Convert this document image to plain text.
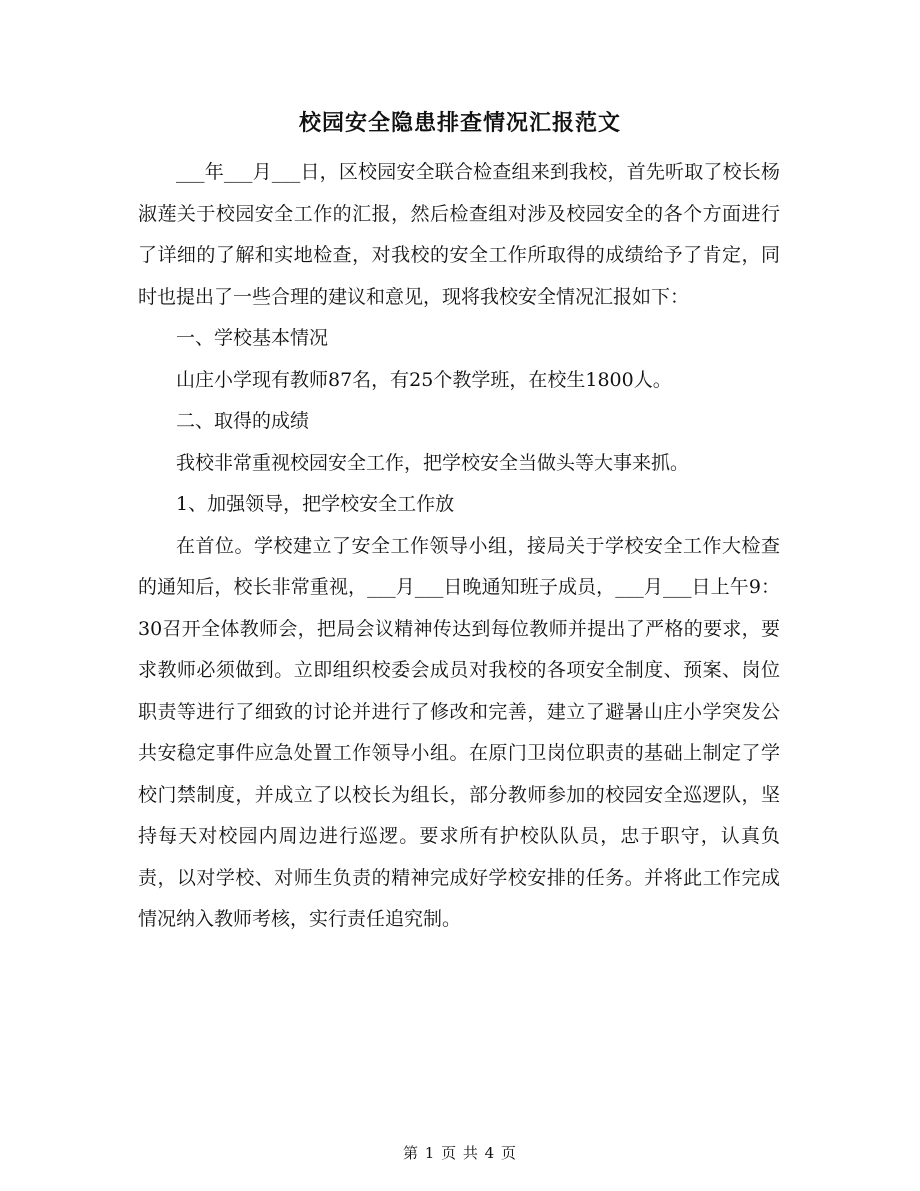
校园安全隐患排查情况汇报范文

___年___月___日，区校园安全联合检查组来到我校，首先听取了校长杨淑莲关于校园安全工作的汇报，然后检查组对涉及校园安全的各个方面进行了详细的了解和实地检查，对我校的安全工作所取得的成绩给予了肯定，同时也提出了一些合理的建议和意见，现将我校安全情况汇报如下：

一、学校基本情况

山庄小学现有教师87名，有25个教学班，在校生1800人。

二、取得的成绩

我校非常重视校园安全工作，把学校安全当做头等大事来抓。

1、加强领导，把学校安全工作放

在首位。学校建立了安全工作领导小组，接局关于学校安全工作大检查的通知后，校长非常重视，___月___日晚通知班子成员，___月___日上午9：30召开全体教师会，把局会议精神传达到每位教师并提出了严格的要求，要求教师必须做到。立即组织校委会成员对我校的各项安全制度、预案、岗位职责等进行了细致的讨论并进行了修改和完善，建立了避暑山庄小学突发公共安稳定事件应急处置工作领导小组。在原门卫岗位职责的基础上制定了学校门禁制度，并成立了以校长为组长，部分教师参加的校园安全巡逻队，坚持每天对校园内周边进行巡逻。要求所有护校队队员，忠于职守，认真负责，以对学校、对师生负责的精神完成好学校安排的任务。并将此工作完成情况纳入教师考核，实行责任追究制。

第 1 页 共 4 页
